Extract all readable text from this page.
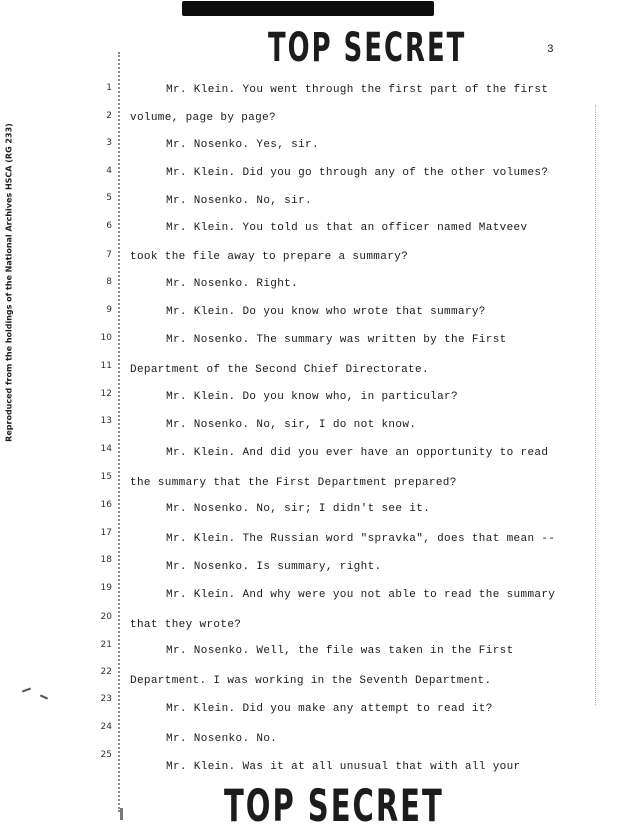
TOP SECRET	3
Reproduced from the holdings of the National Archives HSCA (RG 233)
1
2
3
4
5
6
7
8
9
10
11
12
13
14
15
16
17
18
19
20
21
22
23
24
25
Mr. Klein. You went through the first part of the first
volume, page by page?
Mr. Nosenko. Yes, sir.
Mr. Klein. Did you go through any of the other volumes?
Mr. Nosenko. No, sir.
Mr. Klein. You told us that an officer named Matveev
took the file away to prepare a summary?
Mr. Nosenko. Right.
Mr. Klein. Do you know who wrote that summary?
Mr. Nosenko. The summary was written by the First
Department of the Second Chief Directorate.
Mr. Klein. Do you know who, in particular?
Mr. Nosenko. No, sir, I do not know.
Mr. Klein. And did you ever have an opportunity to read
the summary that the First Department prepared?
Mr. Nosenko. No, sir; I didn't see it.
Mr. Klein. The Russian word "spravka", does that mean --
Mr. Nosenko. Is summary, right.
Mr. Klein. And why were you not able to read the summary
that they wrote?
Mr. Nosenko. Well, the file was taken in the First
Department. I was working in the Seventh Department.
Mr. Klein. Did you make any attempt to read it?
Mr. Nosenko. No.
Mr. Klein. Was it at all unusual that with all your
TOP SECRET
